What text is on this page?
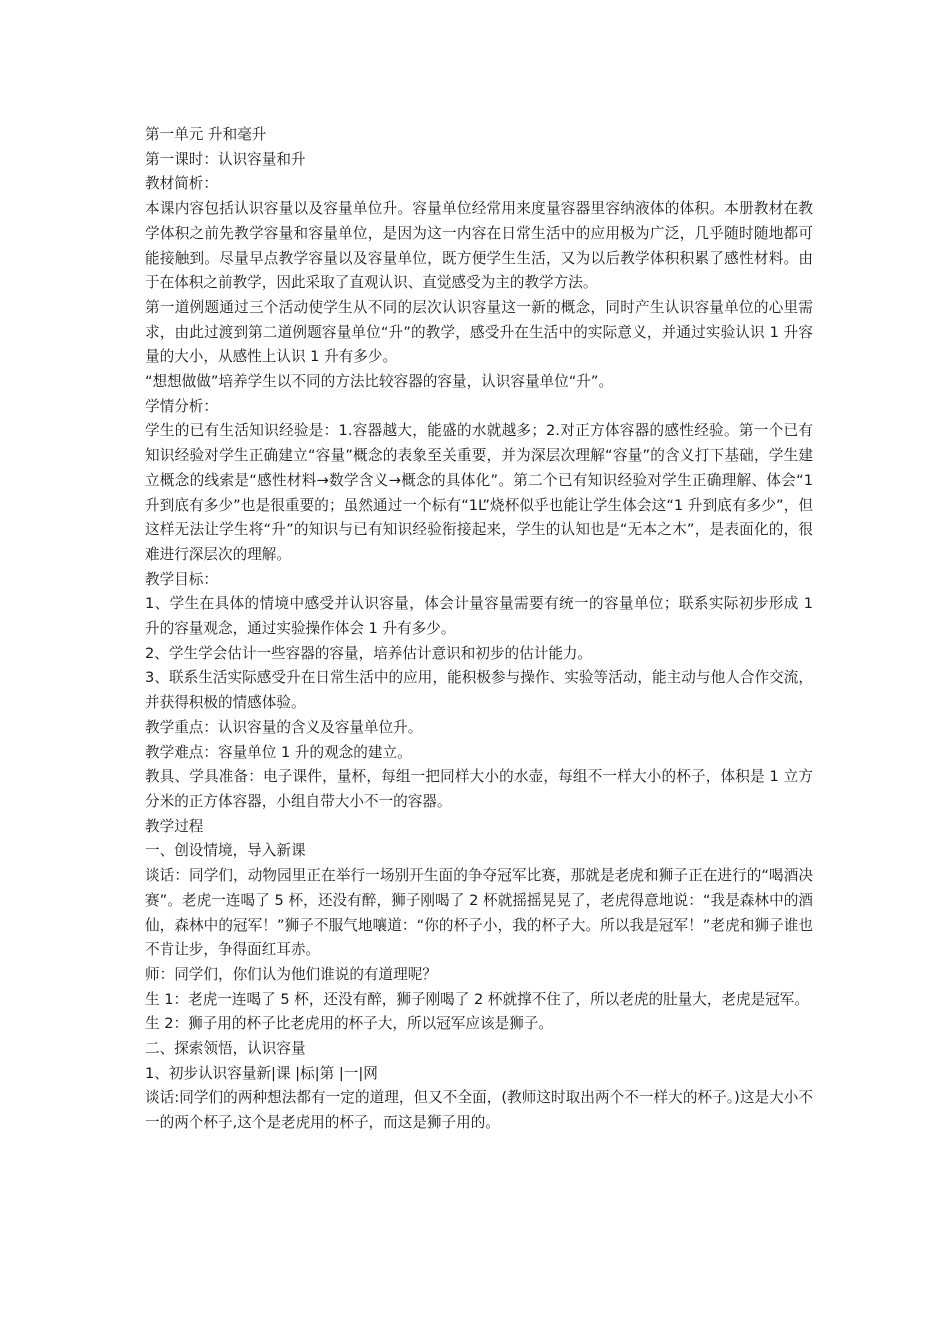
第一单元 升和毫升

第一课时：认识容量和升

教材简析：

本课内容包括认识容量以及容量单位升。容量单位经常用来度量容器里容纳液体的体积。本册教材在教学体积之前先教学容量和容量单位，是因为这一内容在日常生活中的应用极为广泛，几乎随时随地都可能接触到。尽量早点教学容量以及容量单位，既方便学生生活，又为以后教学体积积累了感性材料。由于在体积之前教学，因此采取了直观认识、直觉感受为主的教学方法。

第一道例题通过三个活动使学生从不同的层次认识容量这一新的概念，同时产生认识容量单位的心里需求，由此过渡到第二道例题容量单位“升”的教学，感受升在生活中的实际意义，并通过实验认识 1 升容量的大小，从感性上认识 1 升有多少。

“想想做做”培养学生以不同的方法比较容器的容量，认识容量单位“升”。

学情分析：

学生的已有生活知识经验是：1.容器越大，能盛的水就越多；2.对正方体容器的感性经验。第一个已有知识经验对学生正确建立“容量”概念的表象至关重要，并为深层次理解“容量”的含义打下基础，学生建立概念的线索是“感性材料→数学含义→概念的具体化”。第二个已有知识经验对学生正确理解、体会“1 升到底有多少”也是很重要的；虽然通过一个标有“1L”烧杯似乎也能让学生体会这“1 升到底有多少”，但这样无法让学生将“升”的知识与已有知识经验衔接起来，学生的认知也是“无本之木”，是表面化的，很难进行深层次的理解。

教学目标：

1、学生在具体的情境中感受并认识容量，体会计量容量需要有统一的容量单位；联系实际初步形成 1 升的容量观念，通过实验操作体会 1 升有多少。

2、学生学会估计一些容器的容量，培养估计意识和初步的估计能力。

3、联系生活实际感受升在日常生活中的应用，能积极参与操作、实验等活动，能主动与他人合作交流，并获得积极的情感体验。

教学重点：认识容量的含义及容量单位升。

教学难点：容量单位 1 升的观念的建立。

教具、学具准备：电子课件，量杯，每组一把同样大小的水壶，每组不一样大小的杯子，体积是 1 立方分米的正方体容器，小组自带大小不一的容器。

教学过程

一、创设情境，导入新课

谈话：同学们，动物园里正在举行一场别开生面的争夺冠军比赛，那就是老虎和狮子正在进行的“喝酒决赛”。老虎一连喝了 5 杯，还没有醉，狮子刚喝了 2 杯就摇摇晃晃了，老虎得意地说：“我是森林中的酒仙，森林中的冠军！”狮子不服气地嚷道：“你的杯子小，我的杯子大。所以我是冠军！”老虎和狮子谁也不肯让步，争得面红耳赤。

师：同学们，你们认为他们谁说的有道理呢？

生 1：老虎一连喝了 5 杯，还没有醉，狮子刚喝了 2 杯就撑不住了，所以老虎的肚量大，老虎是冠军。

生 2：狮子用的杯子比老虎用的杯子大，所以冠军应该是狮子。

二、探索领悟，认识容量

1、初步认识容量新|课 |标|第 |一|网

谈话:同学们的两种想法都有一定的道理，但又不全面，(教师这时取出两个不一样大的杯子。)这是大小不一的两个杯子,这个是老虎用的杯子，而这是狮子用的。
